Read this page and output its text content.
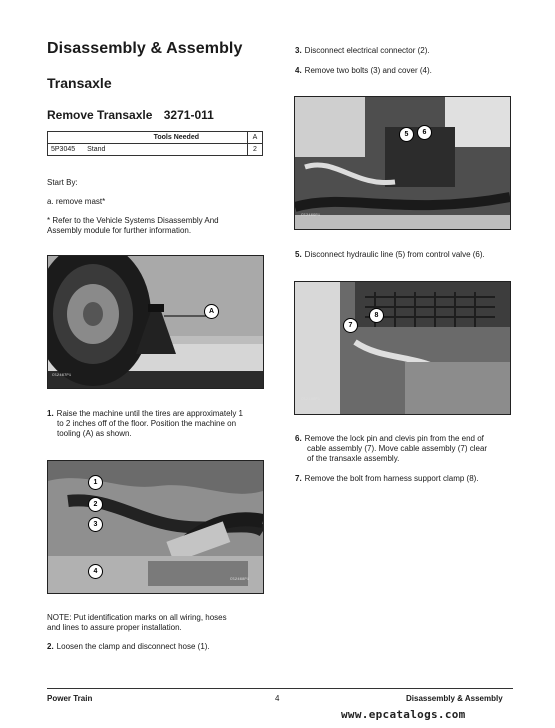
Disassembly & Assembly
Transaxle
Remove Transaxle 3271-011
Tools Needed	A
5P3045 Stand	2
Start By:
a. remove mast*
* Refer to the Vehicle Systems Disassembly And
Assembly module for further information.
A
C52467P1
1. Raise the machine until the tires are approximately 1
to 2 inches off of the floor. Position the machine on
tooling (A) as shown.
1
2
3
4
C52468P1
NOTE: Put identification marks on all wiring, hoses
and lines to assure proper installation.
2. Loosen the clamp and disconnect hose (1).
3. Disconnect electrical connector (2).
4. Remove two bolts (3) and cover (4).
5	6
C52469P1
5. Disconnect hydraulic line (5) from control valve (6).
7
8
C52469P1
6. Remove the lock pin and clevis pin from the end of
cable assembly (7). Move cable assembly (7) clear
of the transaxle assembly.
7. Remove the bolt from harness support clamp (8).
Power Train	4	Disassembly & Assembly
www.epcatalogs.com
